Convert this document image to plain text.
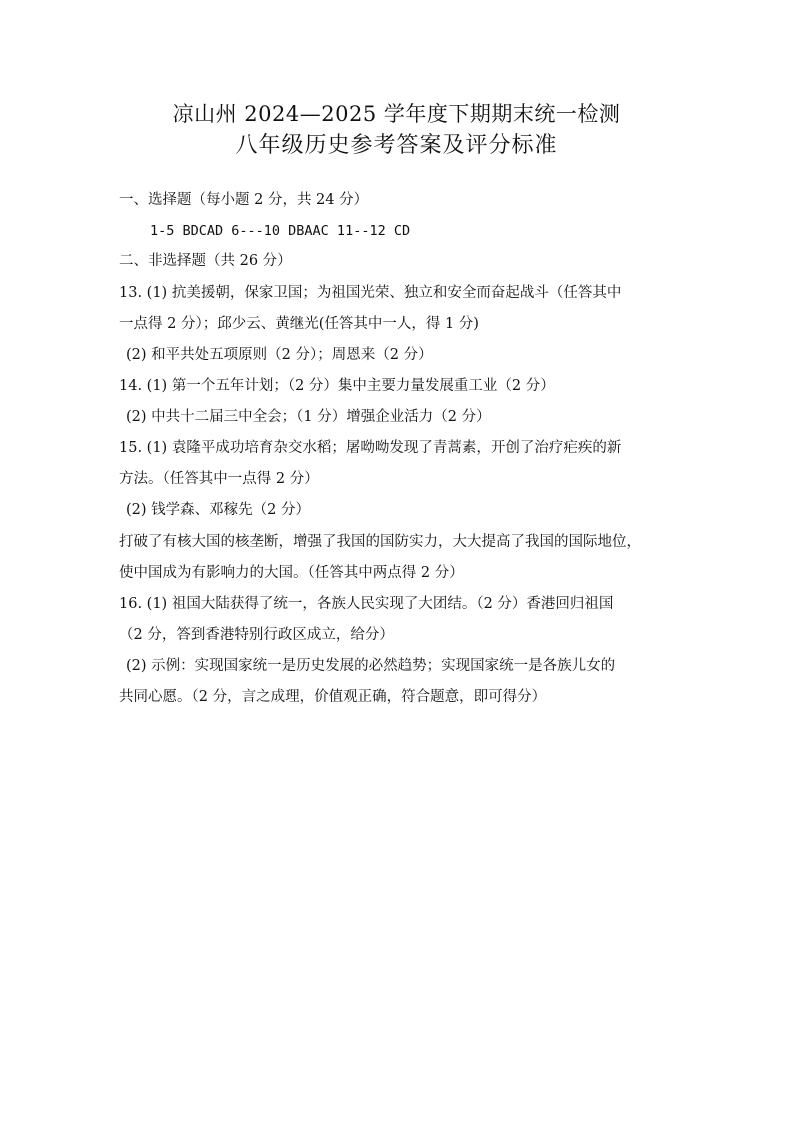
凉山州 2024—2025 学年度下期期末统一检测
八年级历史参考答案及评分标准
一、选择题（每小题 2 分，共 24 分）
1-5 BDCAD 6---10 DBAAC 11--12 CD
二、非选择题（共 26 分）
13. (1) 抗美援朝，保家卫国；为祖国光荣、独立和安全而奋起战斗（任答其中
一点得 2 分）；邱少云、黄继光(任答其中一人，得 1 分)
(2) 和平共处五项原则（2 分）；周恩来（2 分）
14. (1) 第一个五年计划；（2 分）集中主要力量发展重工业（2 分）
(2) 中共十二届三中全会；（1 分）增强企业活力（2 分）
15. (1) 袁隆平成功培育杂交水稻；屠呦呦发现了青蒿素，开创了治疗疟疾的新
方法。（任答其中一点得 2 分）
(2) 钱学森、邓稼先（2 分）
打破了有核大国的核垄断，增强了我国的国防实力，大大提高了我国的国际地位，
使中国成为有影响力的大国。（任答其中两点得 2 分）
16. (1) 祖国大陆获得了统一，各族人民实现了大团结。（2 分）香港回归祖国
（2 分，答到香港特别行政区成立，给分）
(2) 示例：实现国家统一是历史发展的必然趋势；实现国家统一是各族儿女的
共同心愿。（2 分，言之成理，价值观正确，符合题意，即可得分）
